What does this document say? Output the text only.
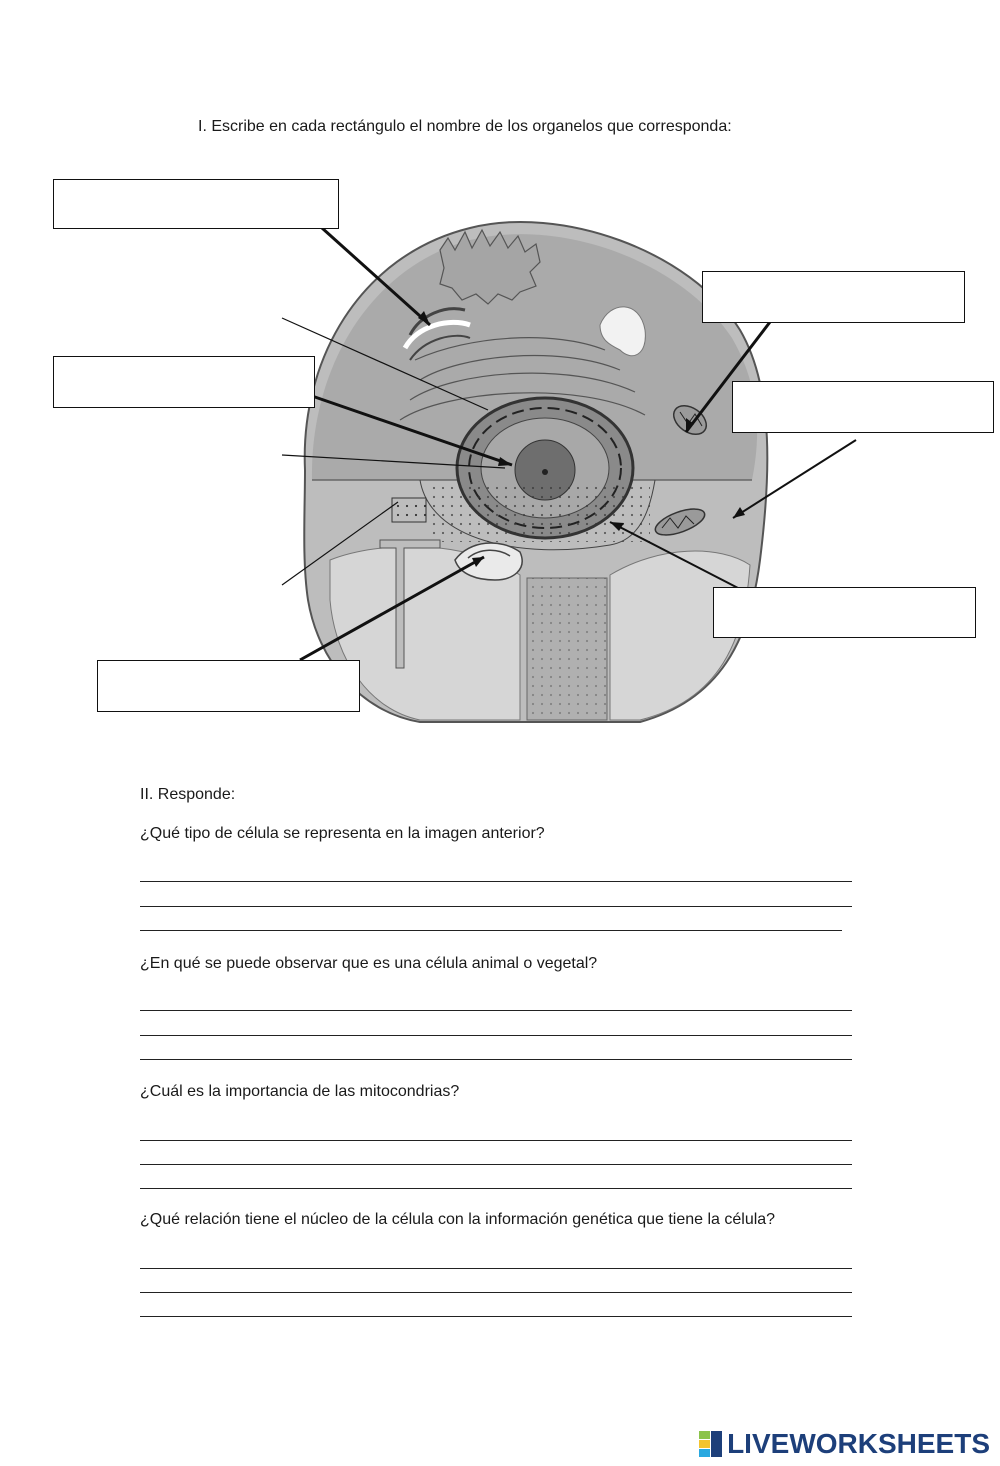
I. Escribe en cada rectángulo el nombre de los organelos que corresponda:
II. Responde:
¿Qué tipo de célula se representa en la imagen anterior?
¿En qué se puede observar que es una célula animal o vegetal?
¿Cuál es la importancia de las mitocondrias?
¿Qué relación tiene el núcleo de la célula con la información genética que tiene la célula?
LIVEWORKSHEETS
